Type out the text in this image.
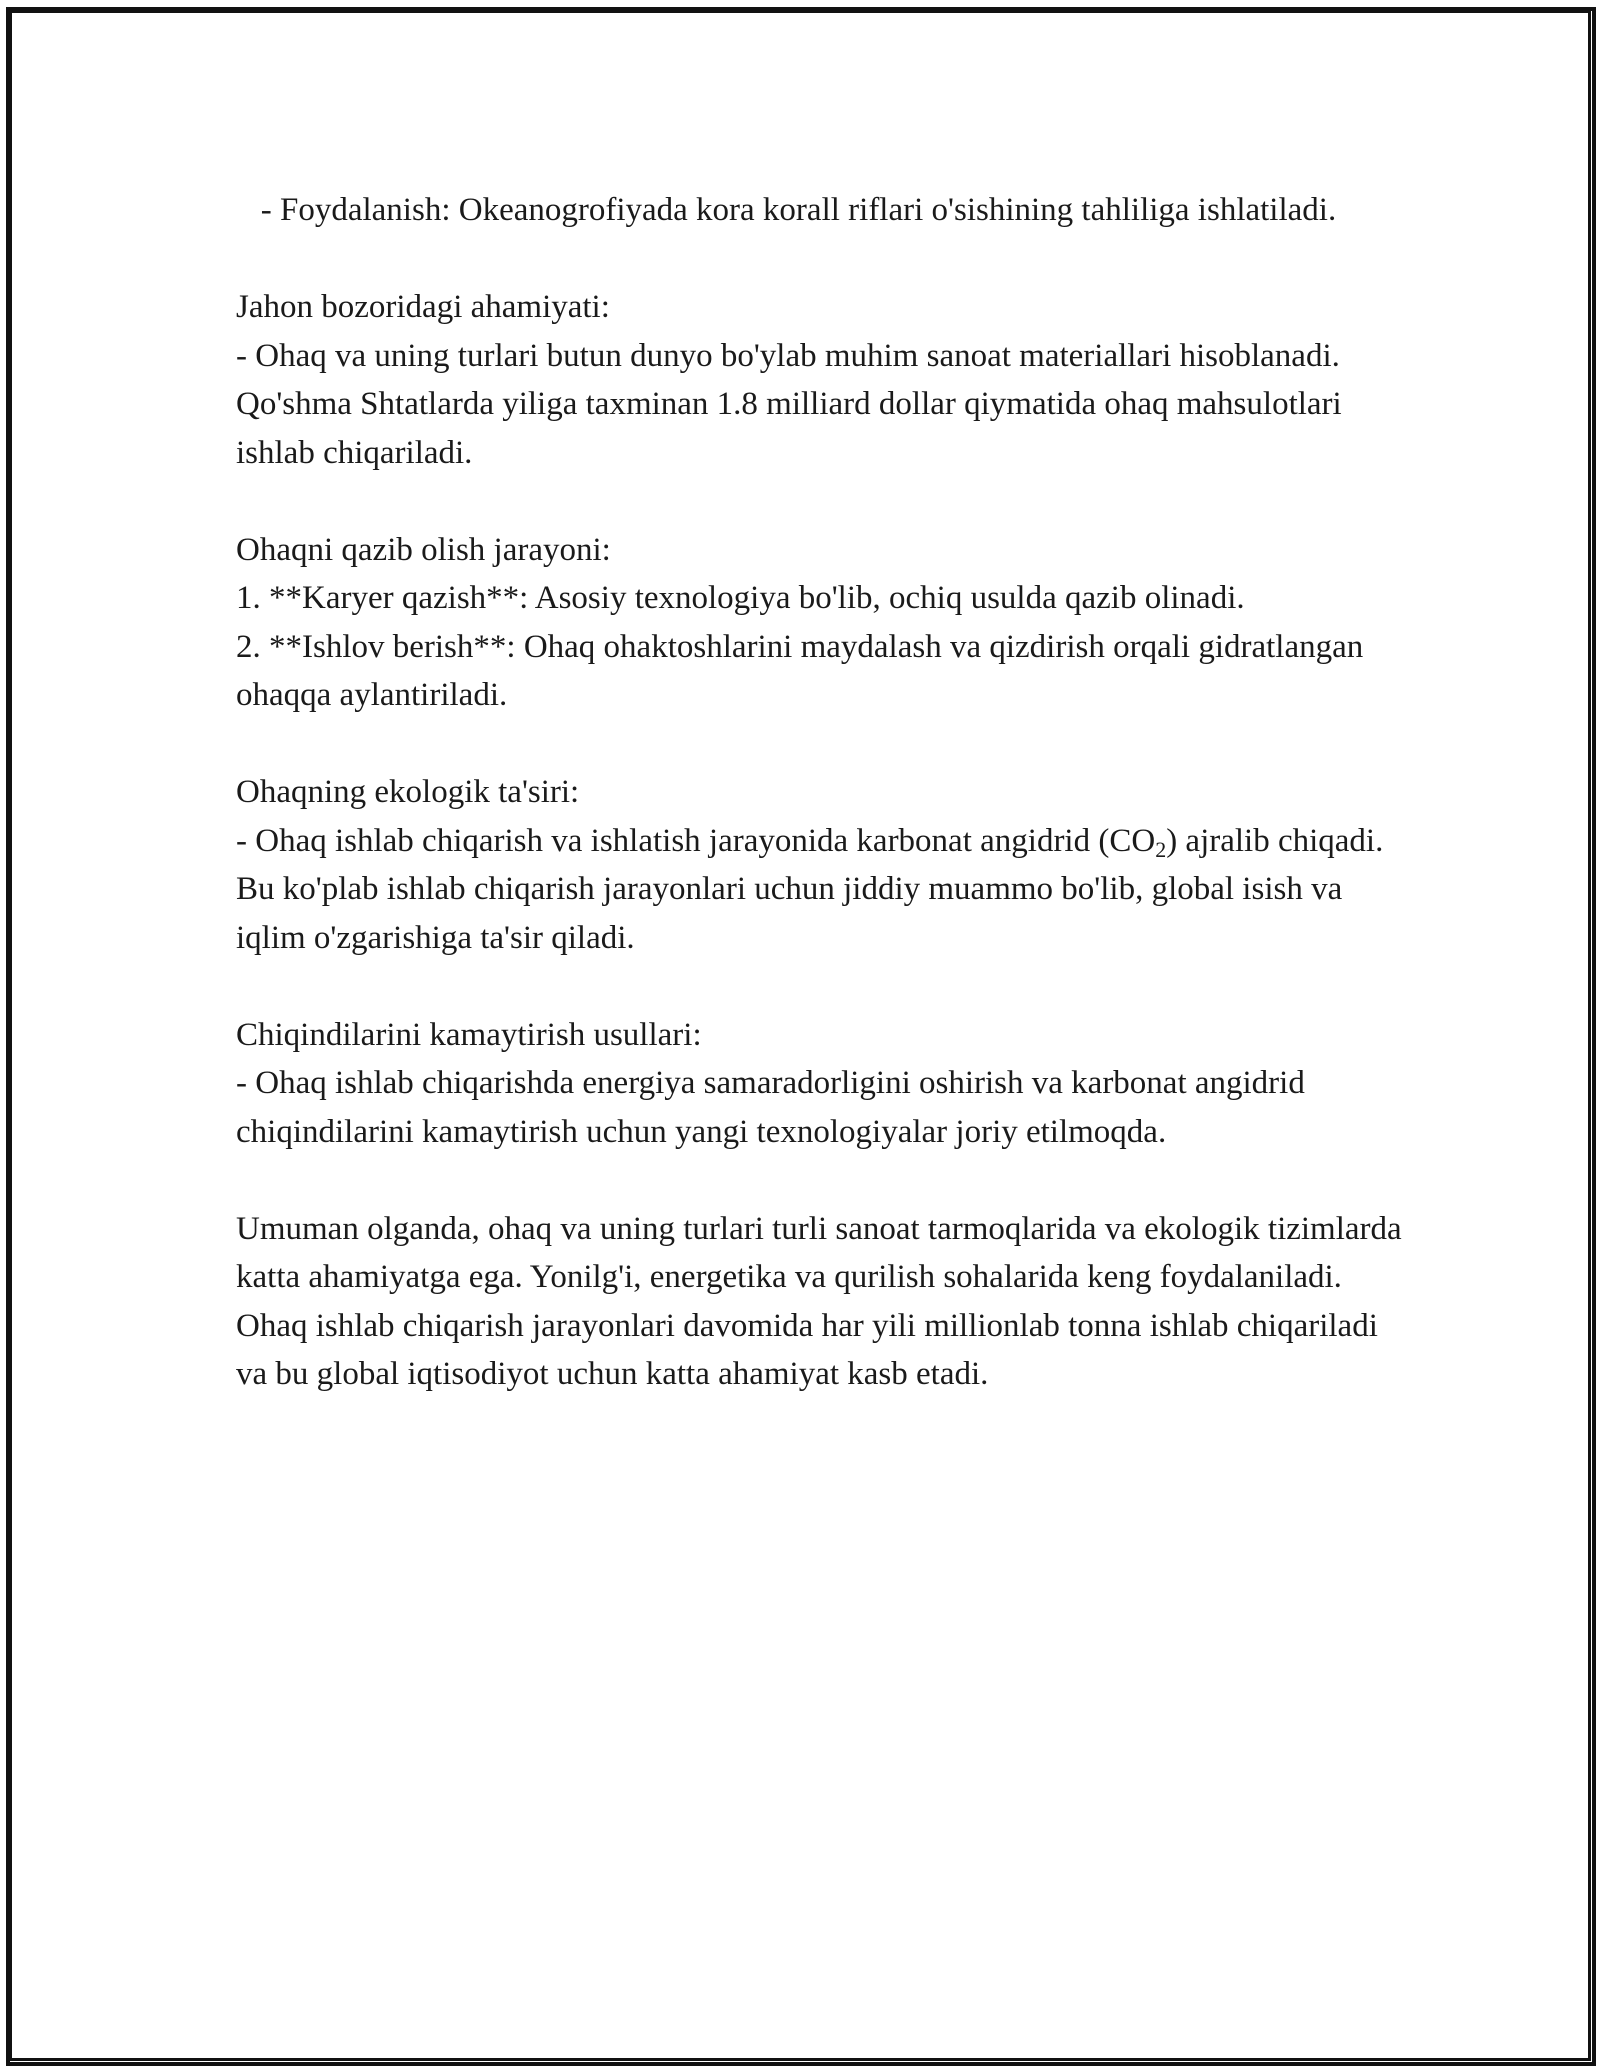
- Foydalanish: Okeanogrofiyada kora korall riflari o'sishining tahliliga ishlatiladi.

Jahon bozoridagi ahamiyati:

- Ohaq va uning turlari butun dunyo bo'ylab muhim sanoat materiallari hisoblanadi. Qo'shma Shtatlarda yiliga taxminan 1.8 milliard dollar qiymatida ohaq mahsulotlari ishlab chiqariladi.

Ohaqni qazib olish jarayoni:

1. **Karyer qazish**: Asosiy texnologiya bo'lib, ochiq usulda qazib olinadi.

2. **Ishlov berish**: Ohaq ohaktoshlarini maydalash va qizdirish orqali gidratlangan ohaqqa aylantiriladi.

Ohaqning ekologik ta'siri:

- Ohaq ishlab chiqarish va ishlatish jarayonida karbonat angidrid $(CO_2)$ ajralib chiqadi. Bu ko'plab ishlab chiqarish jarayonlari uchun jiddiy muammo bo'lib, global isish va iqlim o'zgarishiga ta'sir qiladi.

Chiqindilarini kamaytirish usullari:

- Ohaq ishlab chiqarishda energiya samaradorligini oshirish va karbonat angidrid chiqindilarini kamaytirish uchun yangi texnologiyalar joriy etilmoqda.

Umuman olganda, ohaq va uning turlari turli sanoat tarmoqlarida va ekologik tizimlarda katta ahamiyatga ega. Yonilg'i, energetika va qurilish sohalarida keng foydalaniladi. Ohaq ishlab chiqarish jarayonlari davomida har yili millionlab tonna ishlab chiqariladi va bu global iqtisodiyot uchun katta ahamiyat kasb etadi.
